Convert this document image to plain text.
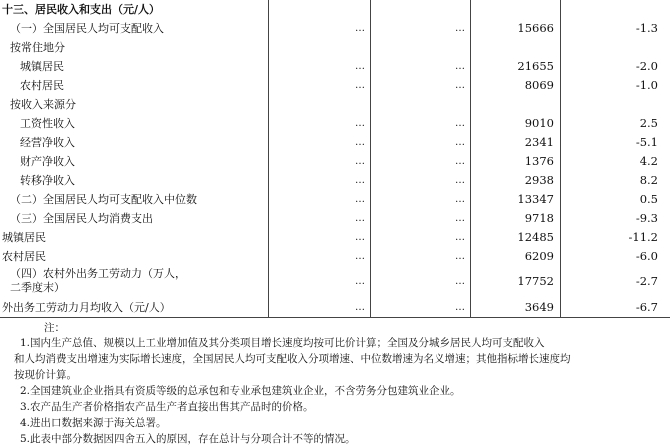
十三、居民收入和支出（元/人）
（一）全国居民人均可支配收入	…	…	15666	-1.3
按常住地分
城镇居民	…	…	21655	-2.0
农村居民	…	…	8069	-1.0
按收入来源分
工资性收入	…	…	9010	2.5
经营净收入	…	…	2341	-5.1
财产净收入	…	…	1376	4.2
转移净收入	…	…	2938	8.2
（二）全国居民人均可支配收入中位数	…	…	13347	0.5
（三）全国居民人均消费支出	…	…	9718	-9.3
城镇居民	…	…	12485	-11.2
农村居民	…	…	6209	-6.0
（四）农村外出务工劳动力（万人，二季度末）	…	…	17752	-2.7
外出务工劳动力月均收入（元/人）	…	…	3649	-6.7
注：
1.国内生产总值、规模以上工业增加值及其分类项目增长速度均按可比价计算；全国及分城乡居民人均可支配收入
和人均消费支出增速为实际增长速度，全国居民人均可支配收入分项增速、中位数增速为名义增速；其他指标增长速度均
按现价计算。
2.全国建筑业企业指具有资质等级的总承包和专业承包建筑业企业，不含劳务分包建筑业企业。
3.农产品生产者价格指农产品生产者直接出售其产品时的价格。
4.进出口数据来源于海关总署。
5.此表中部分数据因四舍五入的原因，存在总计与分项合计不等的情况。
